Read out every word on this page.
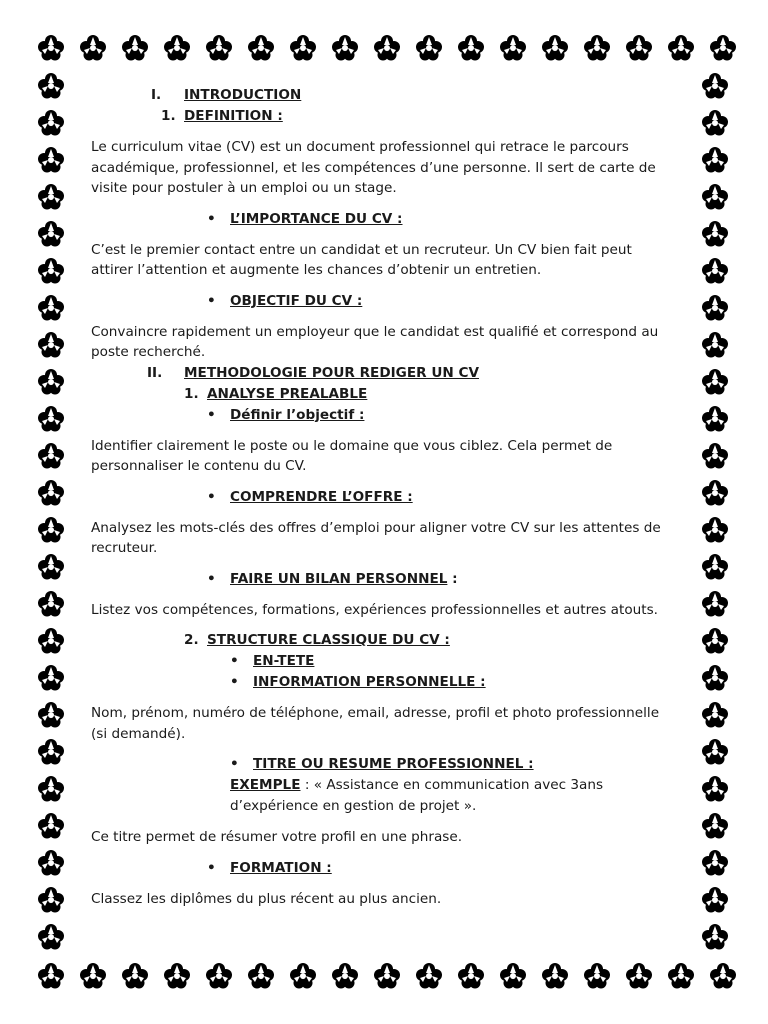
I. INTRODUCTION
1. DEFINITION :

Le curriculum vitae (CV) est un document professionnel qui retrace le parcours académique, professionnel, et les compétences d’une personne. Il sert de carte de visite pour postuler à un emploi ou un stage.

• L’IMPORTANCE DU CV :

C’est le premier contact entre un candidat et un recruteur. Un CV bien fait peut attirer l’attention et augmente les chances d’obtenir un entretien.

• OBJECTIF DU CV :

Convaincre rapidement un employeur que le candidat est qualifié et correspond au poste recherché.

II. METHODOLOGIE POUR REDIGER UN CV
1. ANALYSE PREALABLE
• Définir l’objectif :

Identifier clairement le poste ou le domaine que vous ciblez. Cela permet de personnaliser le contenu du CV.

• COMPRENDRE L’OFFRE :

Analysez les mots-clés des offres d’emploi pour aligner votre CV sur les attentes de recruteur.

• FAIRE UN BILAN PERSONNEL :

Listez vos compétences, formations, expériences professionnelles et autres atouts.

2. STRUCTURE CLASSIQUE DU CV :
• EN-TETE
• INFORMATION PERSONNELLE :

Nom, prénom, numéro de téléphone, email, adresse, profil et photo professionnelle (si demandé).

• TITRE OU RESUME PROFESSIONNEL :
EXEMPLE : « Assistance en communication avec 3ans
d’expérience en gestion de projet ».

Ce titre permet de résumer votre profil en une phrase.

• FORMATION :

Classez les diplômes du plus récent au plus ancien.
